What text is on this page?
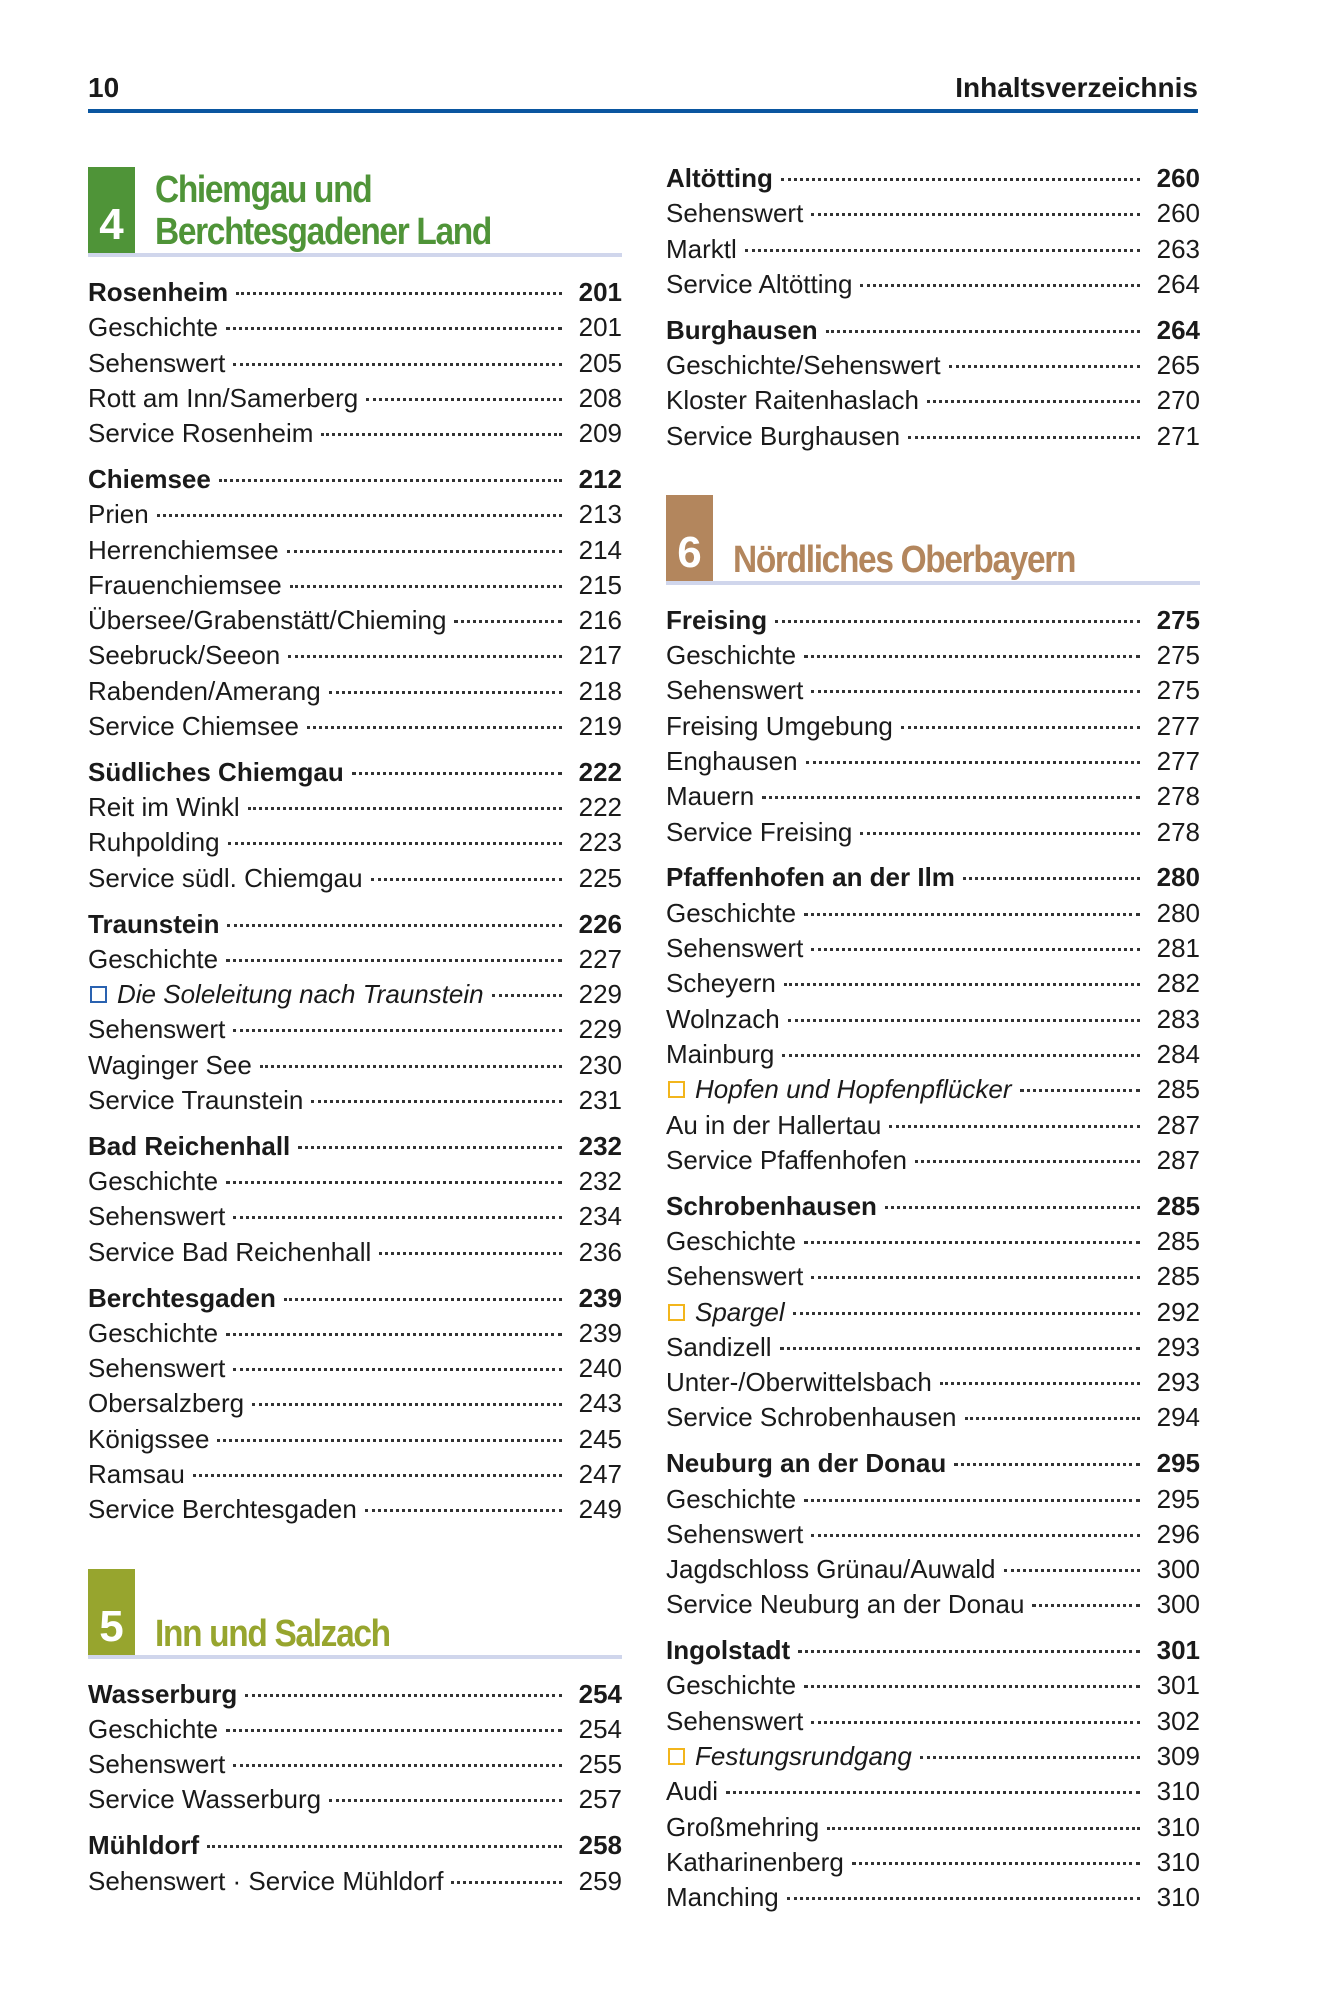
10	Inhaltsverzeichnis
4
Chiemgau und
Berchtesgadener Land
Rosenheim	201
Geschichte	201
Sehenswert	205
Rott am Inn/Samerberg	208
Service Rosenheim	209
Chiemsee	212
Prien	213
Herrenchiemsee	214
Frauenchiemsee	215
Übersee/Grabenstätt/Chieming	216
Seebruck/Seeon	217
Rabenden/Amerang	218
Service Chiemsee	219
Südliches Chiemgau	222
Reit im Winkl	222
Ruhpolding	223
Service südl. Chiemgau	225
Traunstein	226
Geschichte	227
Die Soleleitung nach Traunstein	229
Sehenswert	229
Waginger See	230
Service Traunstein	231
Bad Reichenhall	232
Geschichte	232
Sehenswert	234
Service Bad Reichenhall	236
Berchtesgaden	239
Geschichte	239
Sehenswert	240
Obersalzberg	243
Königssee	245
Ramsau	247
Service Berchtesgaden	249
5 Inn und Salzach
Wasserburg	254
Geschichte	254
Sehenswert	255
Service Wasserburg	257
Mühldorf	258
Sehenswert · Service Mühldorf	259
Altötting	260
Sehenswert	260
Marktl	263
Service Altötting	264
Burghausen	264
Geschichte/Sehenswert	265
Kloster Raitenhaslach	270
Service Burghausen	271
6 Nördliches Oberbayern
Freising	275
Geschichte	275
Sehenswert	275
Freising Umgebung	277
Enghausen	277
Mauern	278
Service Freising	278
Pfaffenhofen an der Ilm	280
Geschichte	280
Sehenswert	281
Scheyern	282
Wolnzach	283
Mainburg	284
Hopfen und Hopfenpflücker	285
Au in der Hallertau	287
Service Pfaffenhofen	287
Schrobenhausen	285
Geschichte	285
Sehenswert	285
Spargel	292
Sandizell	293
Unter-/Oberwittelsbach	293
Service Schrobenhausen	294
Neuburg an der Donau	295
Geschichte	295
Sehenswert	296
Jagdschloss Grünau/Auwald	300
Service Neuburg an der Donau	300
Ingolstadt	301
Geschichte	301
Sehenswert	302
Festungsrundgang	309
Audi	310
Großmehring	310
Katharinenberg	310
Manching	310
